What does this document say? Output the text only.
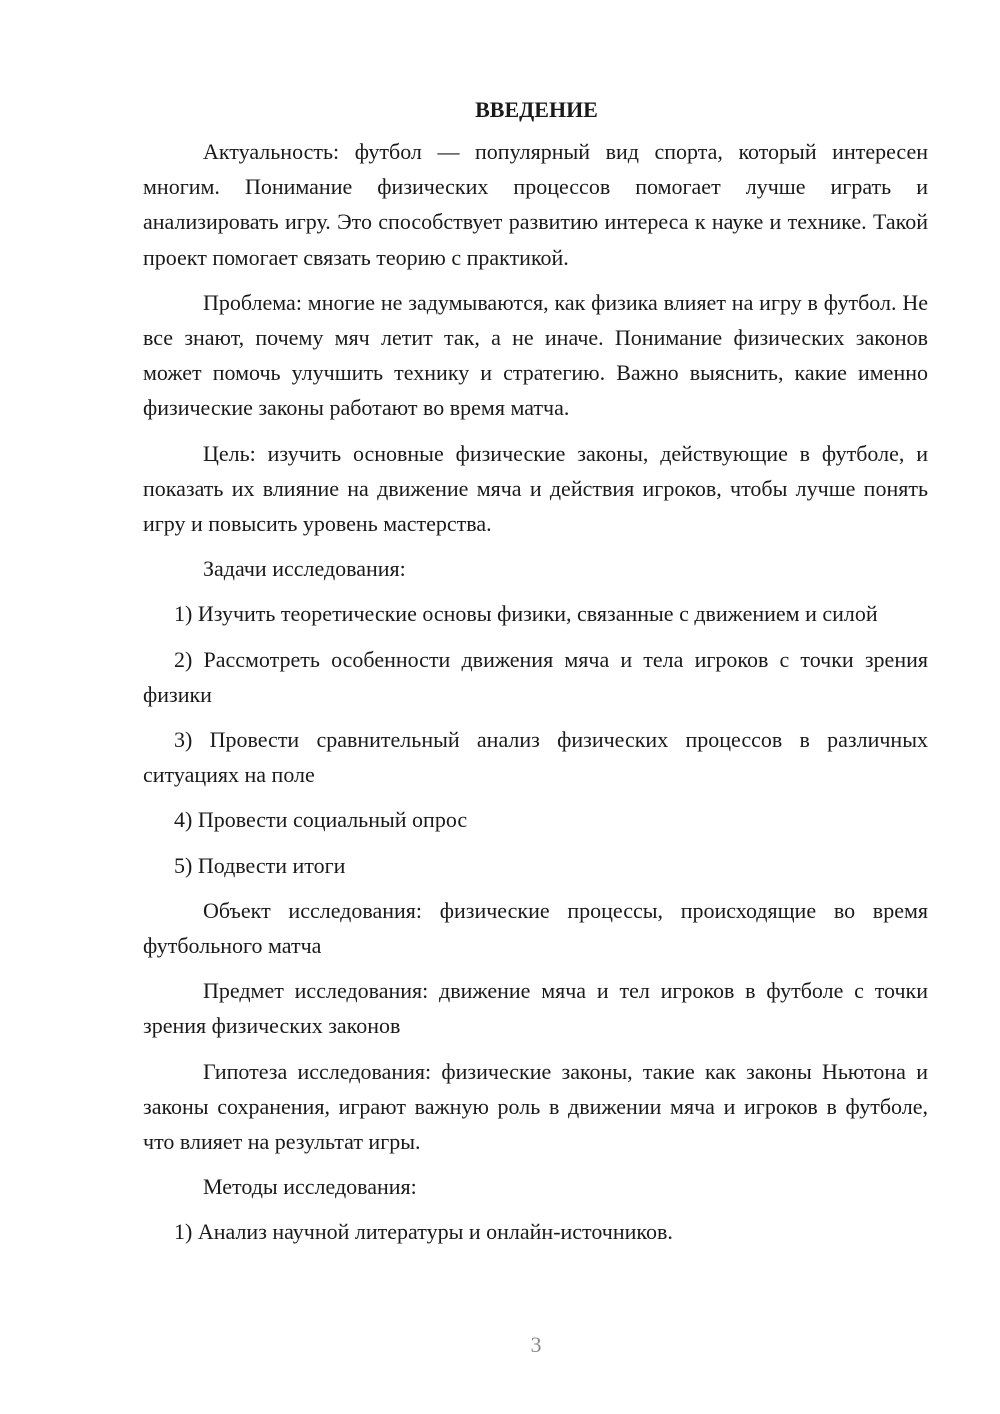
ВВЕДЕНИЕ

Актуальность: футбол — популярный вид спорта, который интересен многим. Понимание физических процессов помогает лучше играть и анализировать игру. Это способствует развитию интереса к науке и технике. Такой проект помогает связать теорию с практикой.

Проблема: многие не задумываются, как физика влияет на игру в футбол. Не все знают, почему мяч летит так, а не иначе. Понимание физических законов может помочь улучшить технику и стратегию. Важно выяснить, какие именно физические законы работают во время матча.

Цель: изучить основные физические законы, действующие в футболе, и показать их влияние на движение мяча и действия игроков, чтобы лучше понять игру и повысить уровень мастерства.

Задачи исследования:

1) Изучить теоретические основы физики, связанные с движением и силой

2) Рассмотреть особенности движения мяча и тела игроков с точки зрения физики

3) Провести сравнительный анализ физических процессов в различных ситуациях на поле

4) Провести социальный опрос

5) Подвести итоги

Объект исследования: физические процессы, происходящие во время футбольного матча

Предмет исследования: движение мяча и тел игроков в футболе с точки зрения физических законов

Гипотеза исследования: физические законы, такие как законы Ньютона и законы сохранения, играют важную роль в движении мяча и игроков в футболе, что влияет на результат игры.

Методы исследования:

1) Анализ научной литературы и онлайн-источников.

3
